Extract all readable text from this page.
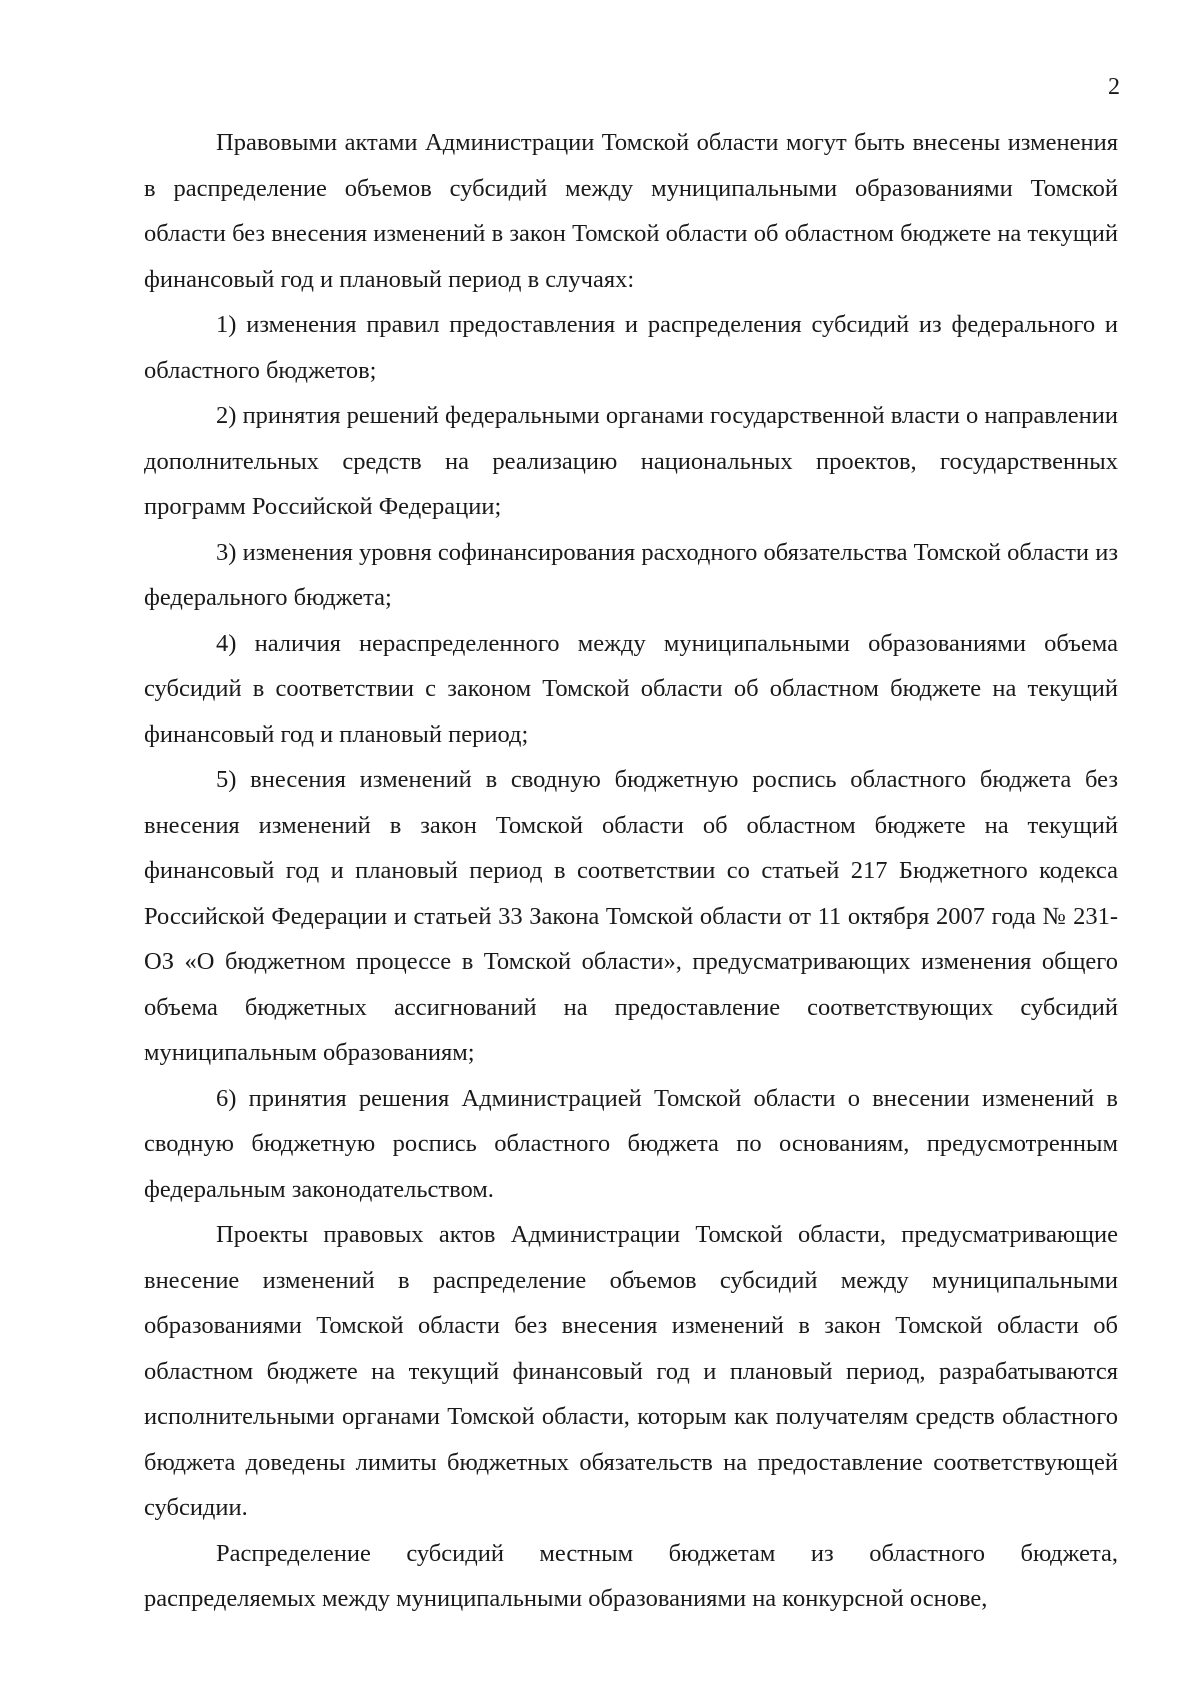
2

Правовыми актами Администрации Томской области могут быть внесены изменения в распределение объемов субсидий между муниципальными образованиями Томской области без внесения изменений в закон Томской области об областном бюджете на текущий финансовый год и плановый период в случаях:

1) изменения правил предоставления и распределения субсидий из федерального и областного бюджетов;

2) принятия решений федеральными органами государственной власти о направлении дополнительных средств на реализацию национальных проектов, государственных программ Российской Федерации;

3) изменения уровня софинансирования расходного обязательства Томской области из федерального бюджета;

4) наличия нераспределенного между муниципальными образованиями объема субсидий в соответствии с законом Томской области об областном бюджете на текущий финансовый год и плановый период;

5) внесения изменений в сводную бюджетную роспись областного бюджета без внесения изменений в закон Томской области об областном бюджете на текущий финансовый год и плановый период в соответствии со статьей 217 Бюджетного кодекса Российской Федерации и статьей 33 Закона Томской области от 11 октября 2007 года № 231-ОЗ «О бюджетном процессе в Томской области», предусматривающих изменения общего объема бюджетных ассигнований на предоставление соответствующих субсидий муниципальным образованиям;

6) принятия решения Администрацией Томской области о внесении изменений в сводную бюджетную роспись областного бюджета по основаниям, предусмотренным федеральным законодательством.

Проекты правовых актов Администрации Томской области, предусматривающие внесение изменений в распределение объемов субсидий между муниципальными образованиями Томской области без внесения изменений в закон Томской области об областном бюджете на текущий финансовый год и плановый период, разрабатываются исполнительными органами Томской области, которым как получателям средств областного бюджета доведены лимиты бюджетных обязательств на предоставление соответствующей субсидии.

Распределение субсидий местным бюджетам из областного бюджета, распределяемых между муниципальными образованиями на конкурсной основе,
